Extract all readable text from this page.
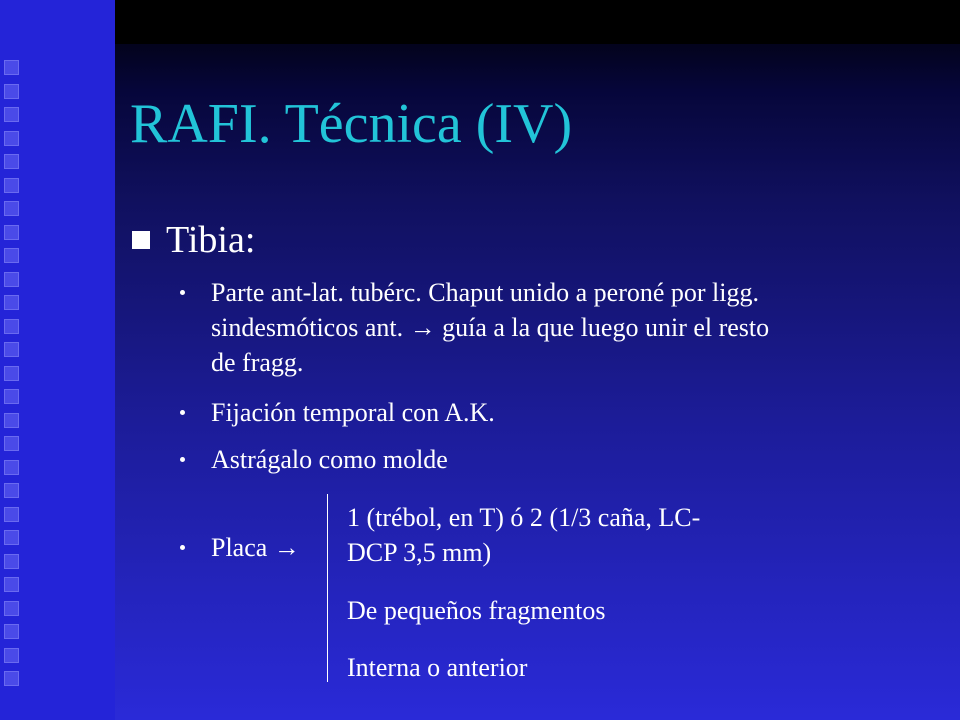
RAFI. Técnica (IV)
Tibia:
Parte ant-lat. tubérc. Chaput unido a peroné por ligg.
sindesmóticos ant. → guía a la que luego unir el resto
de fragg.
Fijación temporal con A.K.
Astrágalo como molde
Placa →
1 (trébol, en T) ó 2 (1/3 caña, LC-
DCP 3,5 mm)
De pequeños fragmentos
Interna o anterior
